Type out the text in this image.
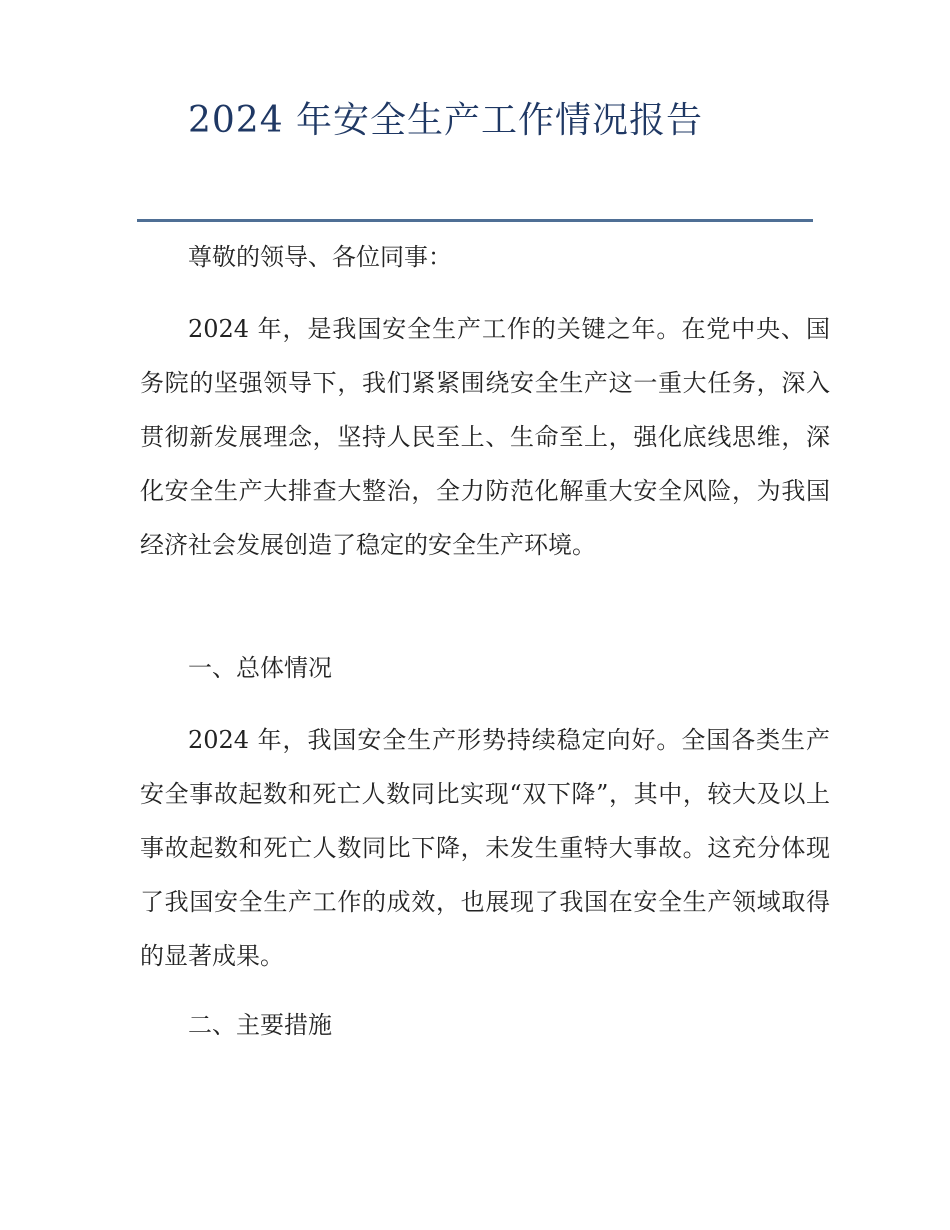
2024 年安全生产工作情况报告

尊敬的领导、各位同事：

2024 年，是我国安全生产工作的关键之年。在党中央、国务院的坚强领导下，我们紧紧围绕安全生产这一重大任务，深入贯彻新发展理念，坚持人民至上、生命至上，强化底线思维，深化安全生产大排查大整治，全力防范化解重大安全风险，为我国经济社会发展创造了稳定的安全生产环境。

一、总体情况

2024 年，我国安全生产形势持续稳定向好。全国各类生产安全事故起数和死亡人数同比实现“双下降”，其中，较大及以上事故起数和死亡人数同比下降，未发生重特大事故。这充分体现了我国安全生产工作的成效，也展现了我国在安全生产领域取得的显著成果。

二、主要措施
